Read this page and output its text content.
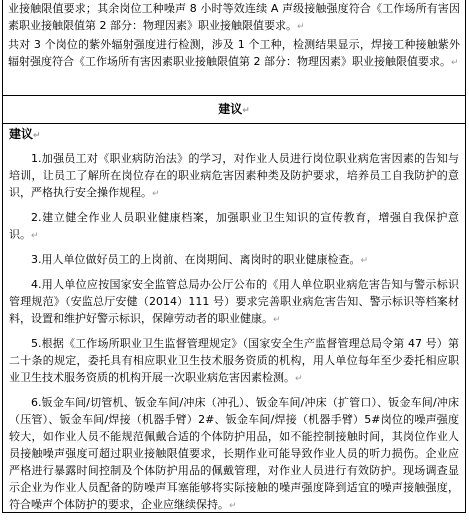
业接触限值要求；其余岗位工种噪声 8 小时等效连续 A 声级接触强度符合《工作场所有害因素职业接触限值第 2 部分：物理因素》职业接触限值要求。↵

共对 3 个岗位的紫外辐射强度进行检测，涉及 1 个工种，检测结果显示，焊接工种接触紫外辐射强度符合《工作场所有害因素职业接触限值第 2 部分：物理因素》职业接触限值要求。↵

建议↵
建议↵
1.加强员工对《职业病防治法》的学习，对作业人员进行岗位职业病危害因素的告知与培训，让员工了解所在岗位存在的职业病危害因素种类及防护要求，培养员工自我防护的意识，严格执行安全操作规程。↵
2.建立健全作业人员职业健康档案，加强职业卫生知识的宣传教育，增强自我保护意识。↵
3.用人单位做好员工的上岗前、在岗期间、离岗时的职业健康检查。↵
4.用人单位应按国家安全监管总局办公厅公布的《用人单位职业病危害告知与警示标识管理规范》（安监总厅安健（2014）111 号）要求完善职业病危害告知、警示标识等档案材料，设置和维护好警示标识，保障劳动者的职业健康。↵
5.根据《工作场所职业卫生监督管理规定》（国家安全生产监督管理总局令第 47 号）第二十条的规定，委托具有相应职业卫生技术服务资质的机构，用人单位每年至少委托相应职业卫生技术服务资质的机构开展一次职业病危害因素检测。↵
6.钣金车间/切管机、钣金车间/冲床（冲孔）、钣金车间/冲床（扩管口）、钣金车间/冲床（压管）、钣金车间/焊接（机器手臂）2#、钣金车间/焊接（机器手臂）5#岗位的噪声强度较大，如作业人员不能规范佩戴合适的个体防护用品，如不能控制接触时间，其岗位作业人员接触噪声强度可超过职业接触限值要求，长期作业可能导致作业人员的听力损伤。企业应严格进行暴露时间控制及个体防护用品的佩戴管理，对作业人员进行有效防护。现场调查显示企业为作业人员配备的防噪声耳塞能够将实际接触的噪声强度降到适宜的噪声接触强度，符合噪声个体防护的要求，企业应继续保持。↵
